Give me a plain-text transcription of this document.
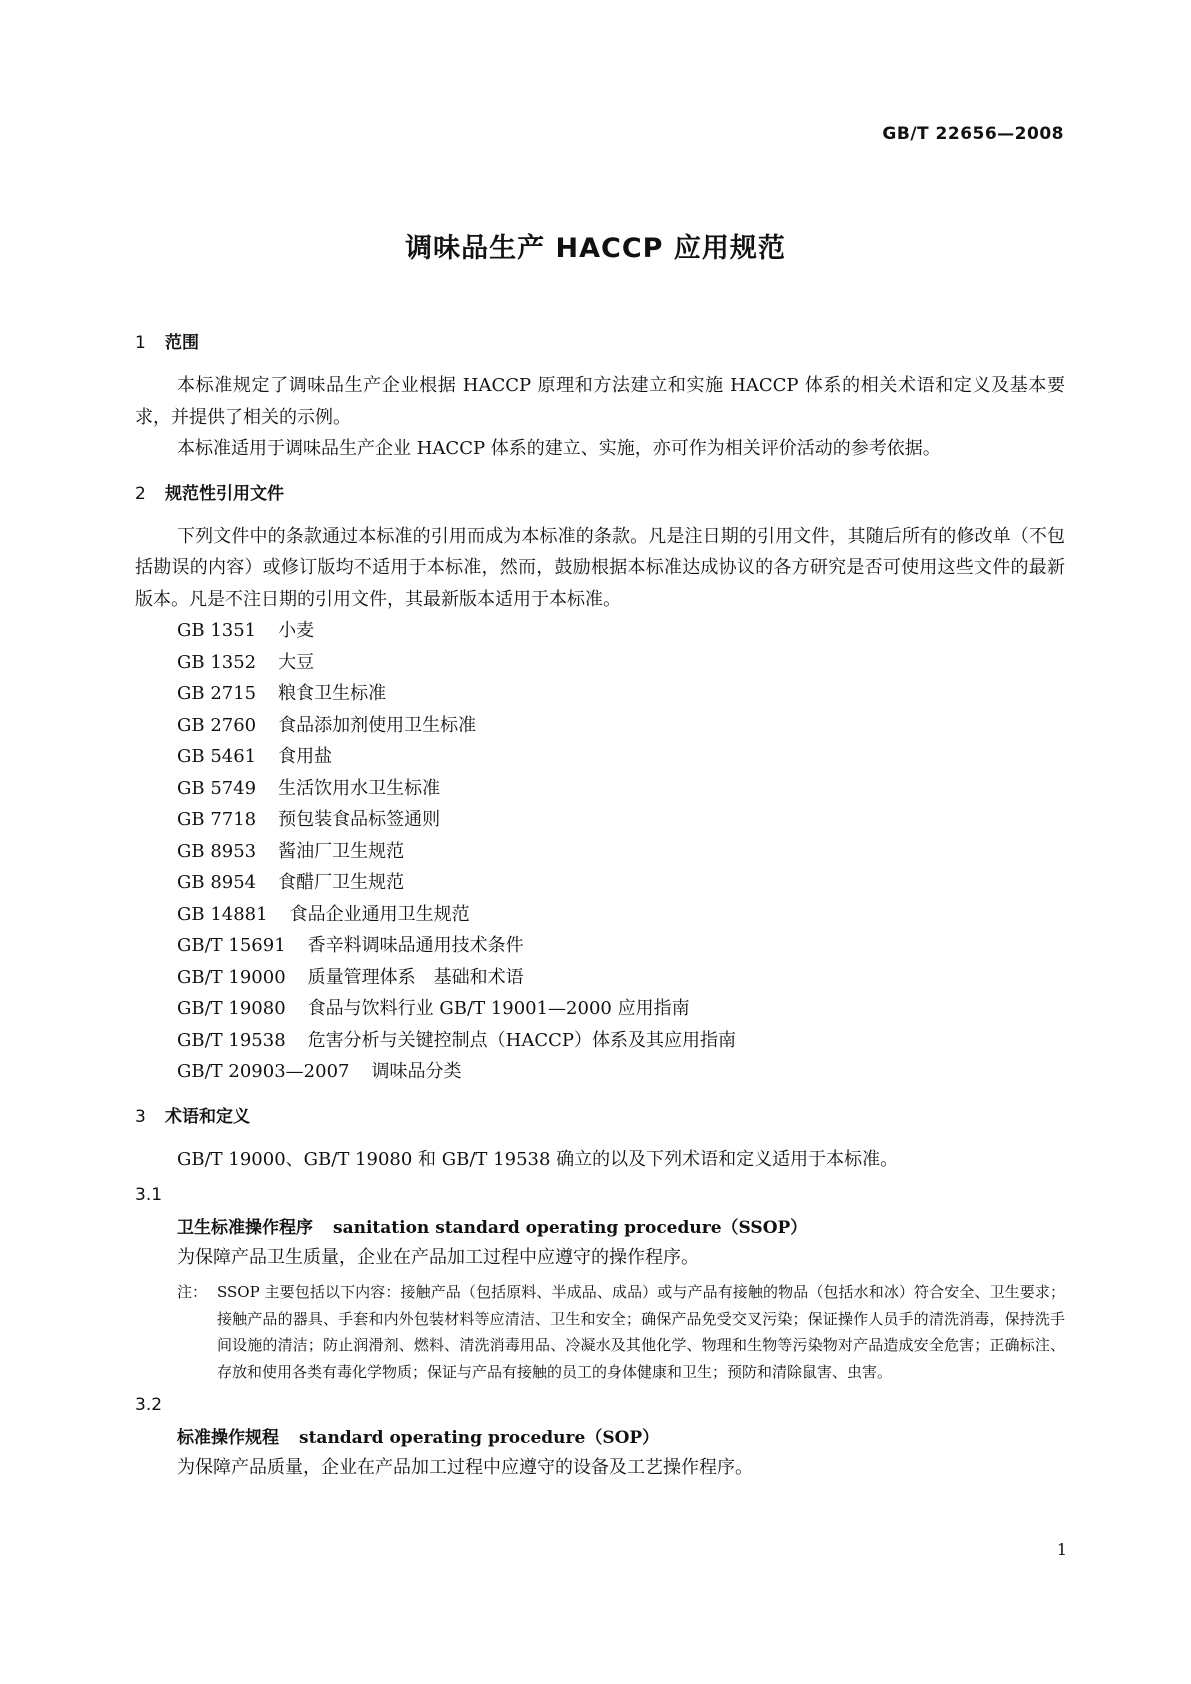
GB/T 22656—2008
调味品生产 HACCP 应用规范
1 范围

本标准规定了调味品生产企业根据 HACCP 原理和方法建立和实施 HACCP 体系的相关术语和定义及基本要求，并提供了相关的示例。

本标准适用于调味品生产企业 HACCP 体系的建立、实施，亦可作为相关评价活动的参考依据。

2 规范性引用文件

下列文件中的条款通过本标准的引用而成为本标准的条款。凡是注日期的引用文件，其随后所有的修改单（不包括勘误的内容）或修订版均不适用于本标准，然而，鼓励根据本标准达成协议的各方研究是否可使用这些文件的最新版本。凡是不注日期的引用文件，其最新版本适用于本标准。

GB 1351 小麦
GB 1352 大豆
GB 2715 粮食卫生标准
GB 2760 食品添加剂使用卫生标准
GB 5461 食用盐
GB 5749 生活饮用水卫生标准
GB 7718 预包装食品标签通则
GB 8953 酱油厂卫生规范
GB 8954 食醋厂卫生规范
GB 14881 食品企业通用卫生规范
GB/T 15691 香辛料调味品通用技术条件
GB/T 19000 质量管理体系　基础和术语
GB/T 19080 食品与饮料行业 GB/T 19001—2000 应用指南
GB/T 19538 危害分析与关键控制点（HACCP）体系及其应用指南
GB/T 20903—2007 调味品分类
3 术语和定义

GB/T 19000、GB/T 19080 和 GB/T 19538 确立的以及下列术语和定义适用于本标准。

3.1
卫生标准操作程序 sanitation standard operating procedure（SSOP）
为保障产品卫生质量，企业在产品加工过程中应遵守的操作程序。
注： SSOP 主要包括以下内容：接触产品（包括原料、半成品、成品）或与产品有接触的物品（包括水和冰）符合安全、卫生要求；接触产品的器具、手套和内外包装材料等应清洁、卫生和安全；确保产品免受交叉污染；保证操作人员手的清洗消毒，保持洗手间设施的清洁；防止润滑剂、燃料、清洗消毒用品、冷凝水及其他化学、物理和生物等污染物对产品造成安全危害；正确标注、存放和使用各类有毒化学物质；保证与产品有接触的员工的身体健康和卫生；预防和清除鼠害、虫害。
3.2
标准操作规程 standard operating procedure（SOP）
为保障产品质量，企业在产品加工过程中应遵守的设备及工艺操作程序。
1
